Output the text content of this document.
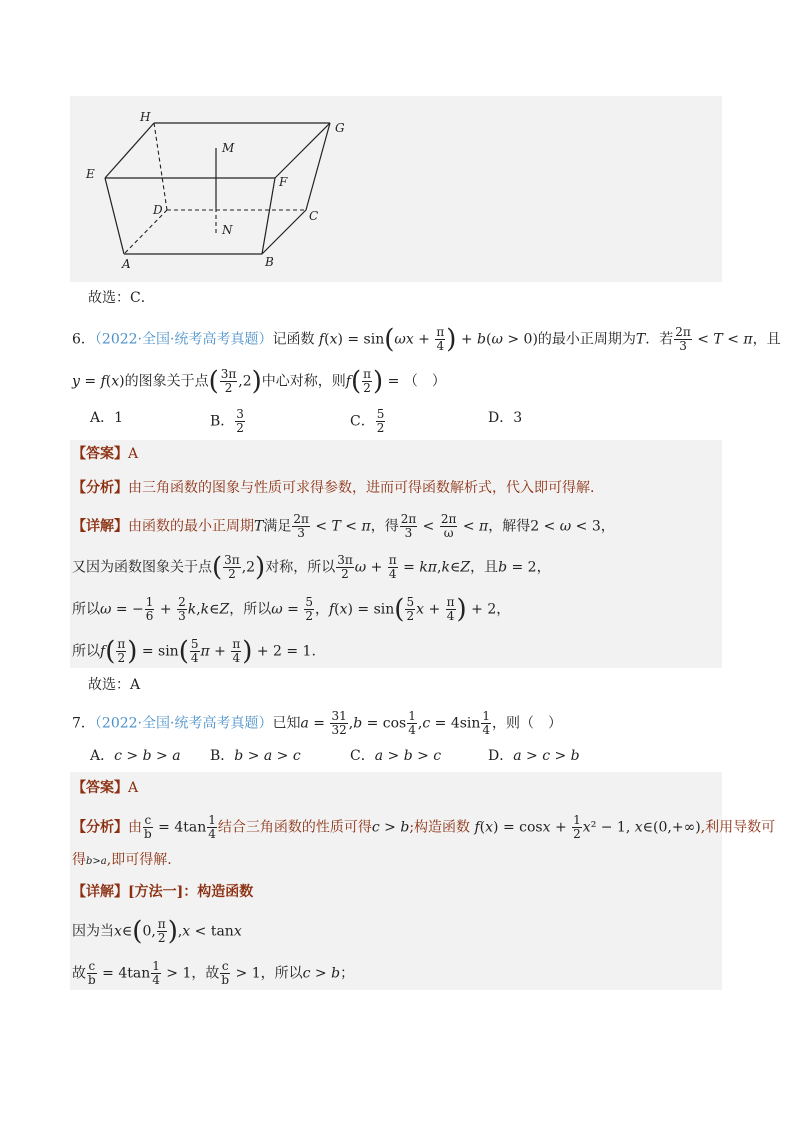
H
G
M
E
F
D	C
N
A	B
故选：C．
6．（2022·全国·统考高考真题）记函数 $f(x) = \sin(\omega x + \frac{\pi}{4}$ ) + b(ω > 0)的最小正周期为T．若 $\frac{2\pi}{3} < T < \pi$，且
y = f(x)的图象关于点( $\frac{3\pi}{2} ,2$)中心对称，则$f( \frac{\pi}{2}$ ) = （　）
A．1	B． $\frac{3}{2}$	C． $\frac{5}{2}$	D．3
【答案】A
【分析】由三角函数的图象与性质可求得参数，进而可得函数解析式，代入即可得解.
【详解】由函数的最小正周期T满足 $\frac{2\pi}{3} < T < \pi$，得 $\frac{2\pi}{3} < \frac{2\pi}{\omega} < \pi$，解得2 < ω < 3，
又因为函数图象关于点( $\frac{3\pi}{2} ,2$)对称，所以 $\frac{3\pi}{2}$ $\omega + \frac{\pi}{4}$ = kπ,k∈Z，且b = 2，
所以ω = − $\frac{1}{6} + \frac{2}{3}$ k,k∈Z，所以$\omega = \frac{5}{2}$ ，$f(x) = \sin( \frac{5}{2}$ $x + \frac{\pi}{4}$ ) + 2，
所以$f( \frac{\pi}{2}$ ) = $\sin( \frac{5}{4}$ $\pi + \frac{\pi}{4}$ ) + 2 = 1.
故选：A
7．（2022·全国·统考高考真题）已知$a = \frac{31}{32} ,b = \cos \frac{1}{4} ,c = 4\sin \frac{1}{4}$ ，则（　）
A．c > b > a B．b > a > c	C．a > b > c	D．a > c > b
【答案】A
【分析】由 $\frac{c}{b} = 4\tan \frac{1}{4}$ 结合三角函数的性质可得c > b;构造函数 $f(x) = \cos x + \frac{1}{2} x^2 - 1$, x∈(0,+∞),利用导数可
得b>a,即可得解.
【详解】[方法一]：构造函数
因为当x∈(0, $\frac{\pi}{2} ),x < \tan x$
故 $\frac{c}{b} = 4\tan \frac{1}{4} > 1$，故 $\frac{c}{b} > 1$，所以c > b；
